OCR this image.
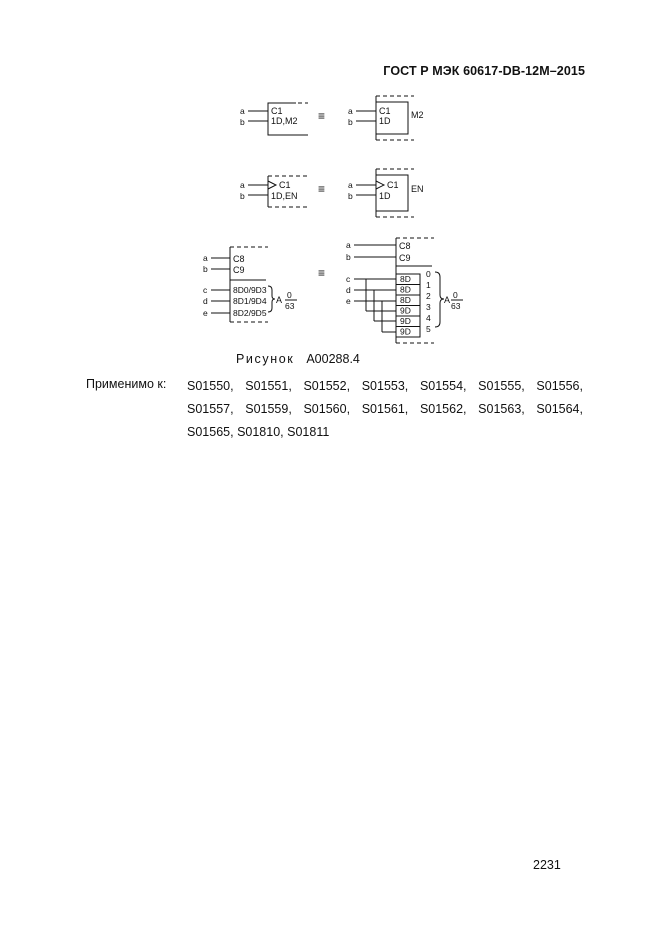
ГОСТ Р МЭК 60617-DB-12M–2015
a
b
C1
1D,M2 ≡	a
b
C1
1D
M2
a
b
C1
1D,EN ≡	a
b
C1
1D
EN
a
b
c
d
e
C8
C9
8D0/9D3
8D1/9D4
8D2/9D5
A 0
63
≡
a
b
c
d
e
C8
C9
8D
8D
8D
9D
9D
9D
0
1
2
3
4
5
A 0
63
Рисунок A00288.4
Применимо к: S01550, S01551, S01552, S01553, S01554, S01555, S01556,
S01557, S01559, S01560, S01561, S01562, S01563, S01564,
S01565,
S01810,
S01811
2231
